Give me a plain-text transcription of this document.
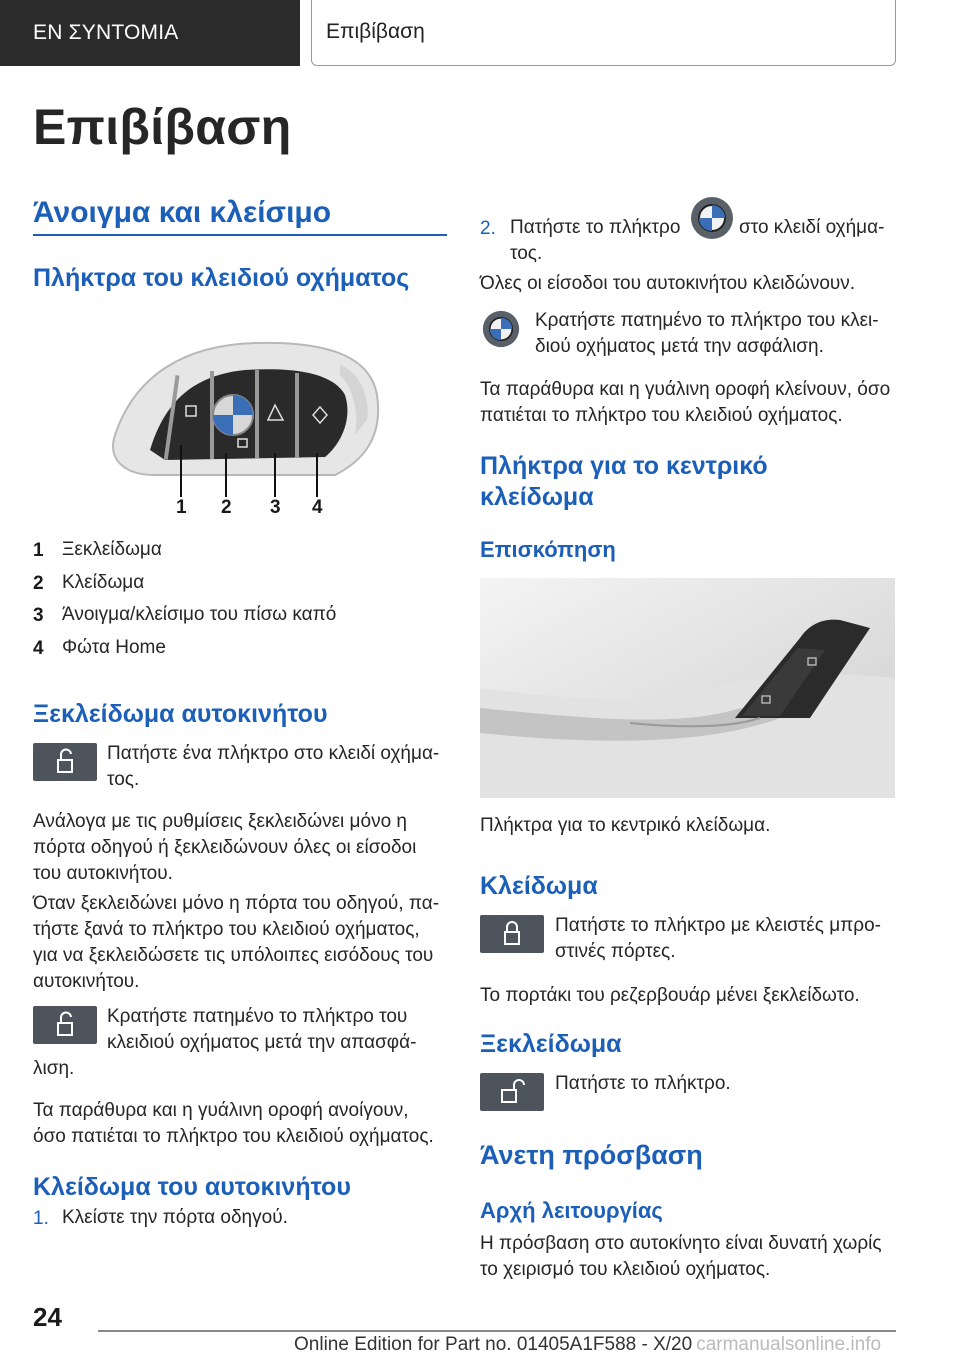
ΕΝ ΣΥΝΤΟΜΙΑ	Επιβίβαση
Επιβίβαση
Άνοιγμα και κλείσιμο
Πλήκτρα του κλειδιού οχήματος
1 2 3 4
1 Ξεκλείδωμα
2 Κλείδωμα
3 Άνοιγμα/κλείσιμο του πίσω καπό
4 Φώτα Home
Ξεκλείδωμα αυτοκινήτου
Πατήστε ένα πλήκτρο στο κλειδί οχήμα-
τος.
Ανάλογα με τις ρυθμίσεις ξεκλειδώνει μόνο η
πόρτα οδηγού ή ξεκλειδώνουν όλες οι είσοδοι
του αυτοκινήτου.
Όταν ξεκλειδώνει μόνο η πόρτα του οδηγού, πα-
τήστε ξανά το πλήκτρο του κλειδιού οχήματος,
για να ξεκλειδώσετε τις υπόλοιπες εισόδους του
αυτοκινήτου.
Κρατήστε πατημένο το πλήκτρο του
κλειδιού οχήματος μετά την απασφά-
λιση.
Τα παράθυρα και η γυάλινη οροφή ανοίγουν,
όσο πατιέται το πλήκτρο του κλειδιού οχήματος.
Κλείδωμα του αυτοκινήτου
1. Κλείστε την πόρτα οδηγού.
2. Πατήστε το πλήκτρο	στο κλειδί οχήμα-
τος.
Όλες οι είσοδοι του αυτοκινήτου κλειδώνουν.
Κρατήστε πατημένο το πλήκτρο του κλει-
διού οχήματος μετά την ασφάλιση.
Τα παράθυρα και η γυάλινη οροφή κλείνουν, όσο
πατιέται το πλήκτρο του κλειδιού οχήματος.
Πλήκτρα για το κεντρικό
κλείδωμα
Επισκόπηση
Πλήκτρα για το κεντρικό κλείδωμα.
Κλείδωμα
Πατήστε το πλήκτρο με κλειστές μπρο-
στινές πόρτες.
Το πορτάκι του ρεζερβουάρ μένει ξεκλείδωτο.
Ξεκλείδωμα
Πατήστε το πλήκτρο.
Άνετη πρόσβαση
Αρχή λειτουργίας
Η πρόσβαση στο αυτοκίνητο είναι δυνατή χωρίς
το χειρισμό του κλειδιού οχήματος.
24
Online Edition for Part no. 01405A1F588 - X/20 carmanualsonline.info
